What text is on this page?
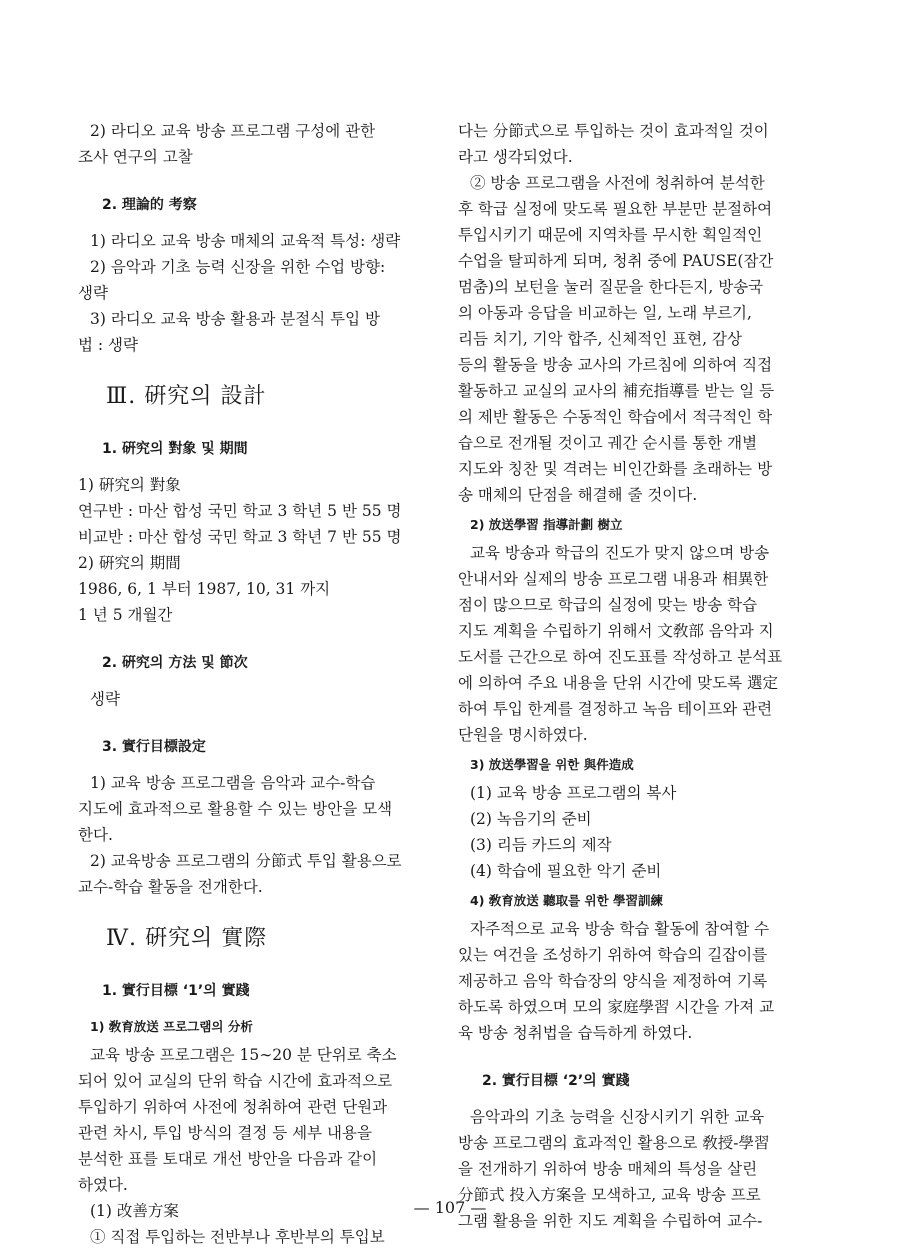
2) 라디오 교육 방송 프로그램 구성에 관한

조사 연구의 고찰

2. 理論的 考察

1) 라디오 교육 방송 매체의 교육적 특성: 생략

2) 음악과 기초 능력 신장을 위한 수업 방향:

생략

3) 라디오 교육 방송 활용과 분절식 투입 방

법 : 생략

Ⅲ. 硏究의 設計

1. 硏究의 對象 및 期間

1) 硏究의 對象

연구반 : 마산 합성 국민 학교 3 학년 5 반 55 명

비교반 : 마산 합성 국민 학교 3 학년 7 반 55 명

2) 硏究의 期間

1986, 6, 1 부터 1987, 10, 31 까지

1 년 5 개월간

2. 硏究의 方法 및 節次

생략

3. 實行目標設定

1) 교육 방송 프로그램을 음악과 교수-학습

지도에 효과적으로 활용할 수 있는 방안을 모색

한다.

2) 교육방송 프로그램의 分節式 투입 활용으로

교수-학습 활동을 전개한다.

Ⅳ. 硏究의 實際

1. 實行目標 ‘1’의 實踐

1) 敎育放送 프로그램의 分析

교육 방송 프로그램은 15∼20 분 단위로 축소

되어 있어 교실의 단위 학습 시간에 효과적으로

투입하기 위하여 사전에 청취하여 관련 단원과

관련 차시, 투입 방식의 결정 등 세부 내용을

분석한 표를 토대로 개선 방안을 다음과 같이

하였다.

(1) 改善方案

① 직접 투입하는 전반부나 후반부의 투입보

다는 分節式으로 투입하는 것이 효과적일 것이

라고 생각되었다.

② 방송 프로그램을 사전에 청취하여 분석한

후 학급 실정에 맞도록 필요한 부분만 분절하여

투입시키기 때문에 지역차를 무시한 획일적인

수업을 탈피하게 되며, 청취 중에 PAUSE(잠간

멈춤)의 보턴을 눌러 질문을 한다든지, 방송국

의 아동과 응답을 비교하는 일, 노래 부르기,

리듬 치기, 기악 합주, 신체적인 표현, 감상

등의 활동을 방송 교사의 가르침에 의하여 직접

활동하고 교실의 교사의 補充指導를 받는 일 등

의 제반 활동은 수동적인 학습에서 적극적인 학

습으로 전개될 것이고 궤간 순시를 통한 개별

지도와 칭찬 및 격려는 비인간화를 초래하는 방

송 매체의 단점을 해결해 줄 것이다.

2) 放送學習 指導計劃 樹立

교육 방송과 학급의 진도가 맞지 않으며 방송

안내서와 실제의 방송 프로그램 내용과 相異한

점이 많으므로 학급의 실정에 맞는 방송 학습

지도 계획을 수립하기 위해서 文敎部 음악과 지

도서를 근간으로 하여 진도표를 작성하고 분석표

에 의하여 주요 내용을 단위 시간에 맞도록 選定

하여 투입 한계를 결정하고 녹음 테이프와 관련

단원을 명시하였다.

3) 放送學習을 위한 與件造成

(1) 교육 방송 프로그램의 복사

(2) 녹음기의 준비

(3) 리듬 카드의 제작

(4) 학습에 필요한 악기 준비

4) 敎育放送 聽取를 위한 學習訓練

자주적으로 교육 방송 학습 활동에 참여할 수

있는 여건을 조성하기 위하여 학습의 길잡이를

제공하고 음악 학습장의 양식을 제정하여 기록

하도록 하였으며 모의 家庭學習 시간을 가져 교

육 방송 청취법을 습득하게 하였다.

2. 實行目標 ‘2’의 實踐

음악과의 기초 능력을 신장시키기 위한 교육

방송 프로그램의 효과적인 활용으로 敎授-學習

을 전개하기 위하여 방송 매체의 특성을 살린

分節式 投入方案을 모색하고, 교육 방송 프로

그램 활용을 위한 지도 계획을 수립하여 교수-

— 107 —
